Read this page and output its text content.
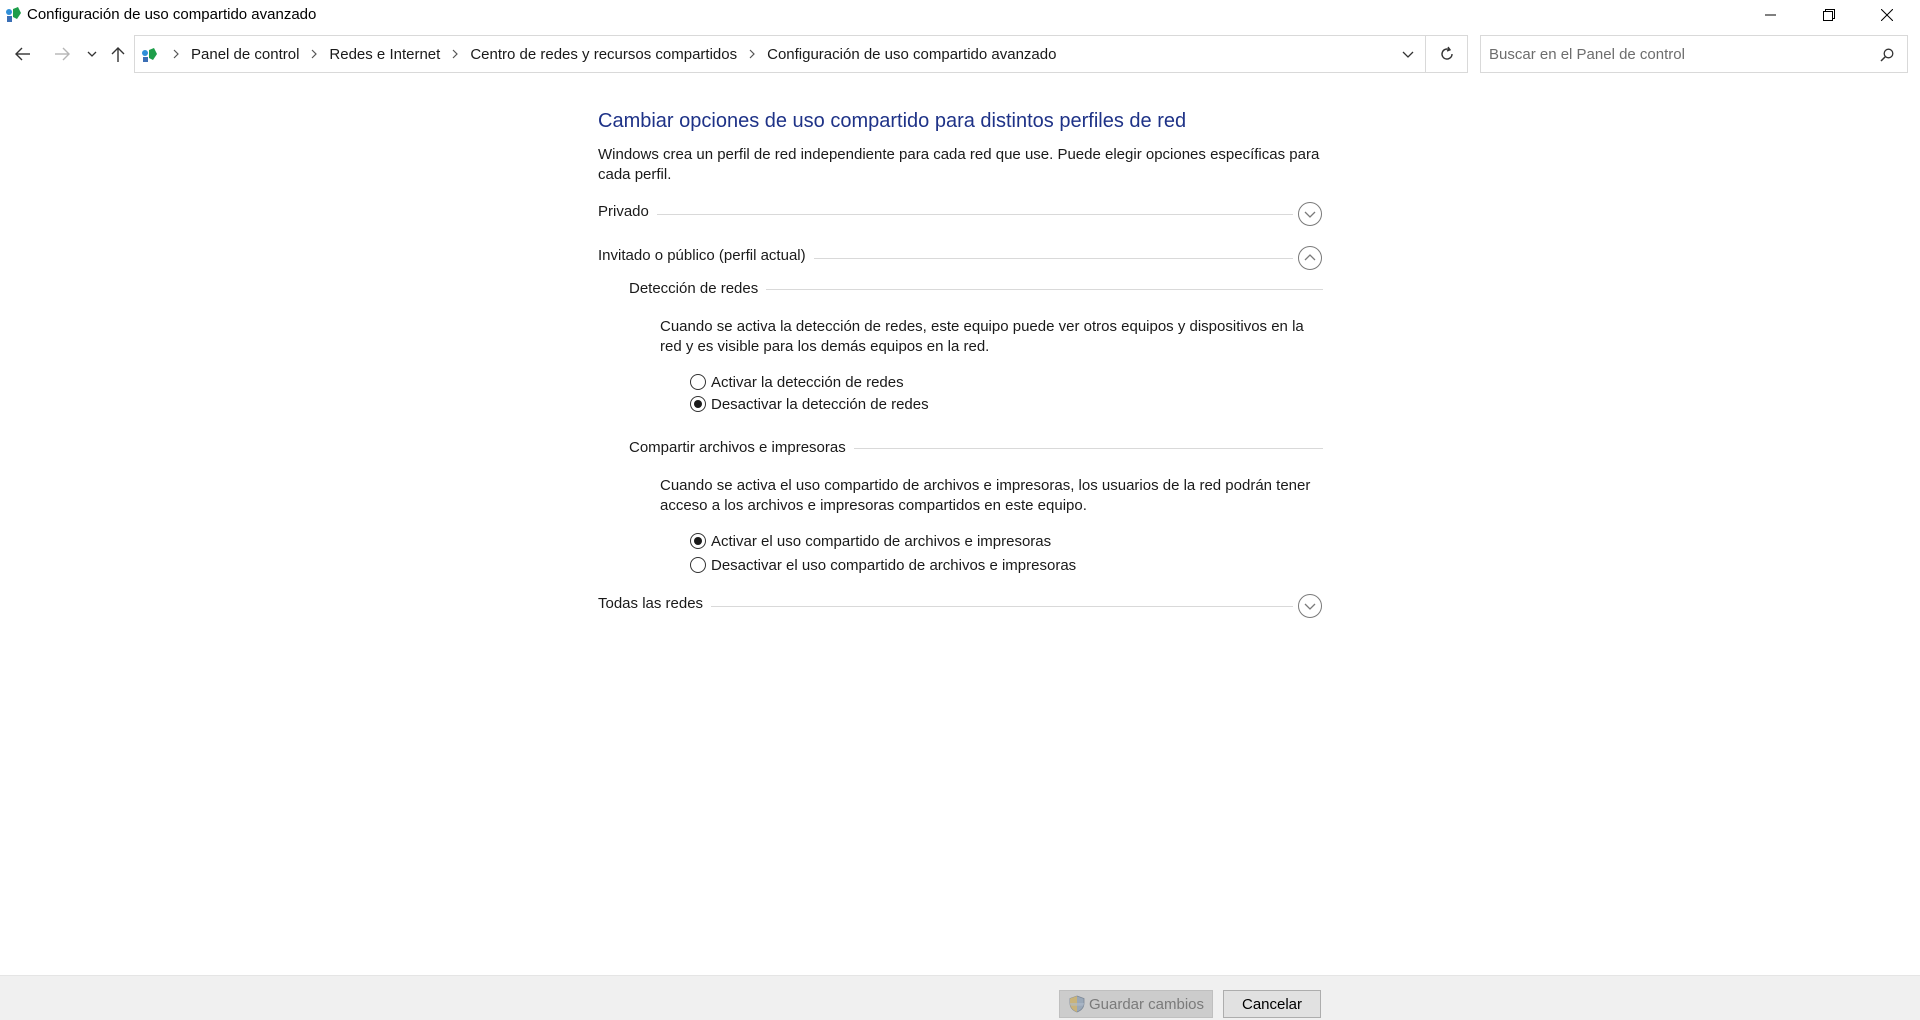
Configuración de uso compartido avanzado
Panel de control Redes e Internet Centro de redes y recursos compartidos Configuración de uso compartido avanzado
Buscar en el Panel de control
Cambiar opciones de uso compartido para distintos perfiles de red
Windows crea un perfil de red independiente para cada red que use. Puede elegir opciones específicas para cada perfil.
Privado
Invitado o público (perfil actual)
Detección de redes
Cuando se activa la detección de redes, este equipo puede ver otros equipos y dispositivos en la red y es visible para los demás equipos en la red.
Activar la detección de redes
Desactivar la detección de redes
Compartir archivos e impresoras
Cuando se activa el uso compartido de archivos e impresoras, los usuarios de la red podrán tener acceso a los archivos e impresoras compartidos en este equipo.
Activar el uso compartido de archivos e impresoras
Desactivar el uso compartido de archivos e impresoras
Todas las redes
Guardar cambios	Cancelar
